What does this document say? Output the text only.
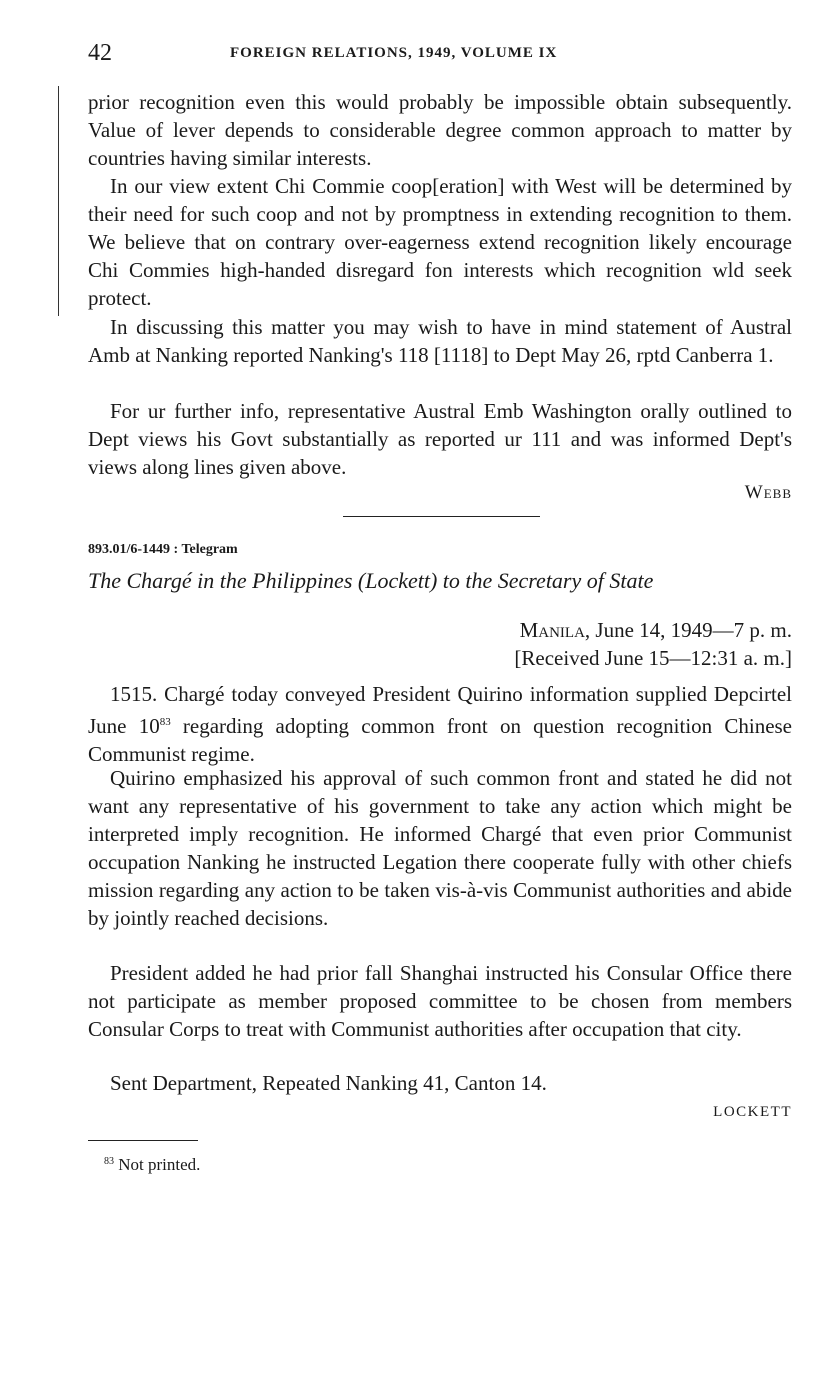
42	FOREIGN RELATIONS, 1949, VOLUME IX

prior recognition even this would probably be impossible obtain subsequently. Value of lever depends to considerable degree common approach to matter by countries having similar interests.

In our view extent Chi Commie coop[eration] with West will be determined by their need for such coop and not by promptness in extending recognition to them. We believe that on contrary over-eagerness extend recognition likely encourage Chi Commies high-handed disregard fon interests which recognition wld seek protect.

In discussing this matter you may wish to have in mind statement of Austral Amb at Nanking reported Nanking's 118 [1118] to Dept May 26, rptd Canberra 1.

For ur further info, representative Austral Emb Washington orally outlined to Dept views his Govt substantially as reported ur 111 and was informed Dept's views along lines given above.

Webb
893.01/6-1449 : Telegram
The Chargé in the Philippines (Lockett) to the Secretary of State
Manila, June 14, 1949—7 p. m.
[Received June 15—12:31 a. m.]

1515. Chargé today conveyed President Quirino information supplied Depcirtel June 10$^{83}$ regarding adopting common front on question recognition Chinese Communist regime.

Quirino emphasized his approval of such common front and stated he did not want any representative of his government to take any action which might be interpreted imply recognition. He informed Chargé that even prior Communist occupation Nanking he instructed Legation there cooperate fully with other chiefs mission regarding any action to be taken vis-à-vis Communist authorities and abide by jointly reached decisions.

President added he had prior fall Shanghai instructed his Consular Office there not participate as member proposed committee to be chosen from members Consular Corps to treat with Communist authorities after occupation that city.

Sent Department, Repeated Nanking 41, Canton 14.

LOCKETT
$^{83}$ Not printed.
